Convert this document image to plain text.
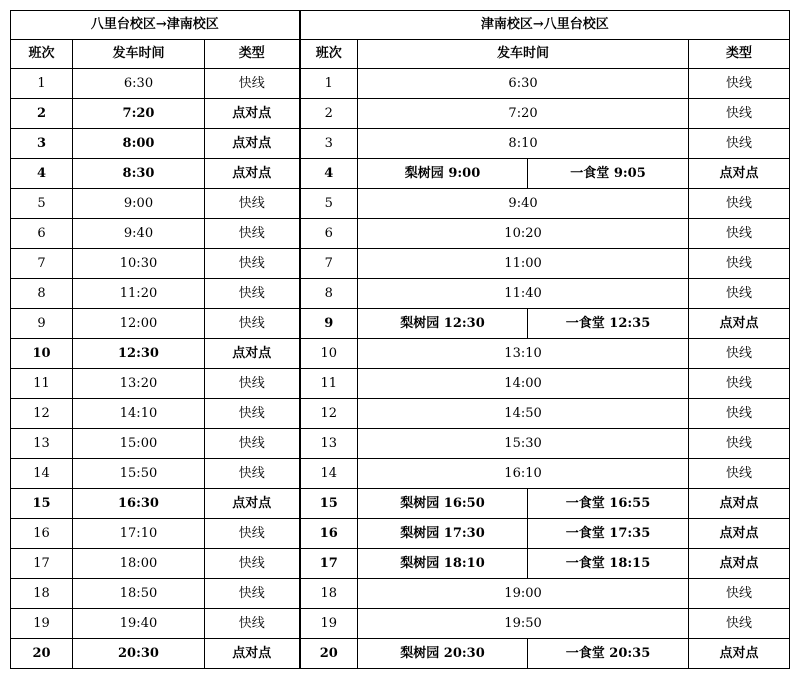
八里台校区→津南校区			津南校区→八里台校区			
班次	发车时间	类型	班次	发车时间		类型
1	6:30	快线	1	6:30		快线
2	7:20	点对点	2	7:20		快线
3	8:00	点对点	3	8:10		快线
4	8:30	点对点	4	梨树园 9:00	一食堂 9:05	点对点
5	9:00	快线	5	9:40		快线
6	9:40	快线	6	10:20		快线
7	10:30	快线	7	11:00		快线
8	11:20	快线	8	11:40		快线
9	12:00	快线	9	梨树园 12:30	一食堂 12:35	点对点
10	12:30	点对点	10	13:10		快线
11	13:20	快线	11	14:00		快线
12	14:10	快线	12	14:50		快线
13	15:00	快线	13	15:30		快线
14	15:50	快线	14	16:10		快线
15	16:30	点对点	15	梨树园 16:50	一食堂 16:55	点对点
16	17:10	快线	16	梨树园 17:30	一食堂 17:35	点对点
17	18:00	快线	17	梨树园 18:10	一食堂 18:15	点对点
18	18:50	快线	18	19:00		快线
19	19:40	快线	19	19:50		快线
20	20:30	点对点	20	梨树园 20:30	一食堂 20:35	点对点
